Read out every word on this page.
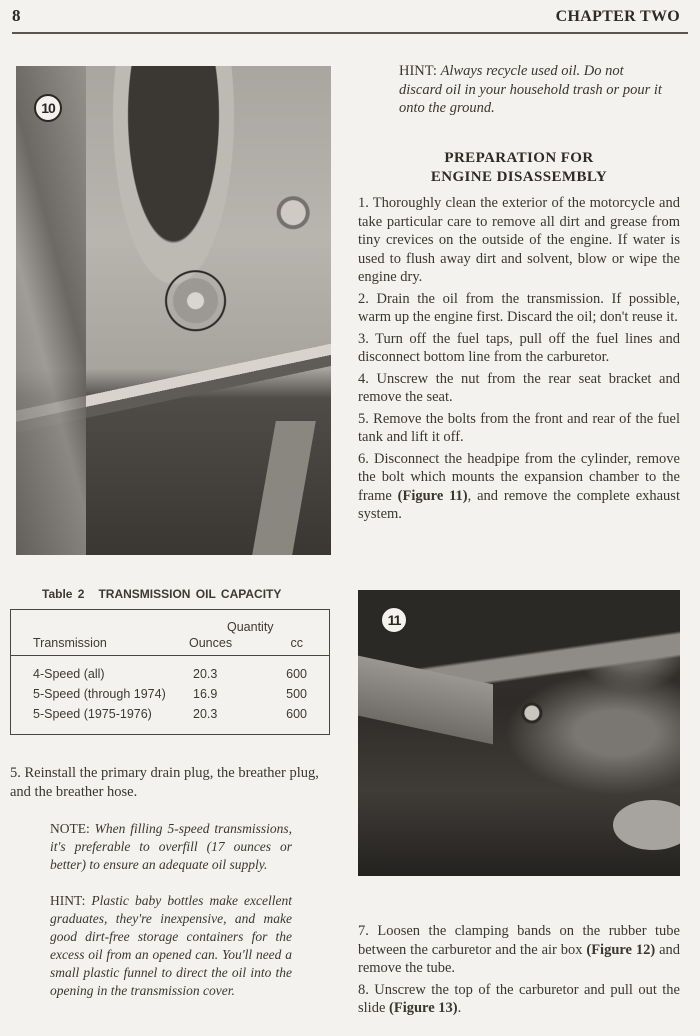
8	CHAPTER TWO
10
HINT: Always recycle used oil. Do not discard oil in your household trash or pour it onto the ground.
PREPARATION FOR
ENGINE DISASSEMBLY

1. Thoroughly clean the exterior of the motorcycle and take particular care to remove all dirt and grease from tiny crevices on the outside of the engine. If water is used to flush away dirt and solvent, blow or wipe the engine dry.

2. Drain the oil from the transmission. If possible, warm up the engine first. Discard the oil; don't reuse it.

3. Turn off the fuel taps, pull off the fuel lines and disconnect bottom line from the carburetor.

4. Unscrew the nut from the rear seat bracket and remove the seat.

5. Remove the bolts from the front and rear of the fuel tank and lift it off.

6. Disconnect the headpipe from the cylinder, remove the bolt which mounts the expansion chamber to the frame (Figure 11), and remove the complete exhaust system.

Table 2 TRANSMISSION OIL CAPACITY
Quantity
Transmission	Ounces	cc
4-Speed (all)	20.3	600
5-Speed (through 1974) 16.9	500
5-Speed (1975-1976)	20.3	600
11
5. Reinstall the primary drain plug, the breather plug, and the breather hose.
NOTE: When filling 5-speed transmissions, it's preferable to overfill (17 ounces or better) to ensure an adequate oil supply.
HINT: Plastic baby bottles make excellent graduates, they're inexpensive, and make good dirt-free storage containers for the excess oil from an opened can. You'll need a small plastic funnel to direct the oil into the opening in the transmission cover.

7. Loosen the clamping bands on the rubber tube between the carburetor and the air box (Figure 12) and remove the tube.

8. Unscrew the top of the carburetor and pull out the slide (Figure 13).
